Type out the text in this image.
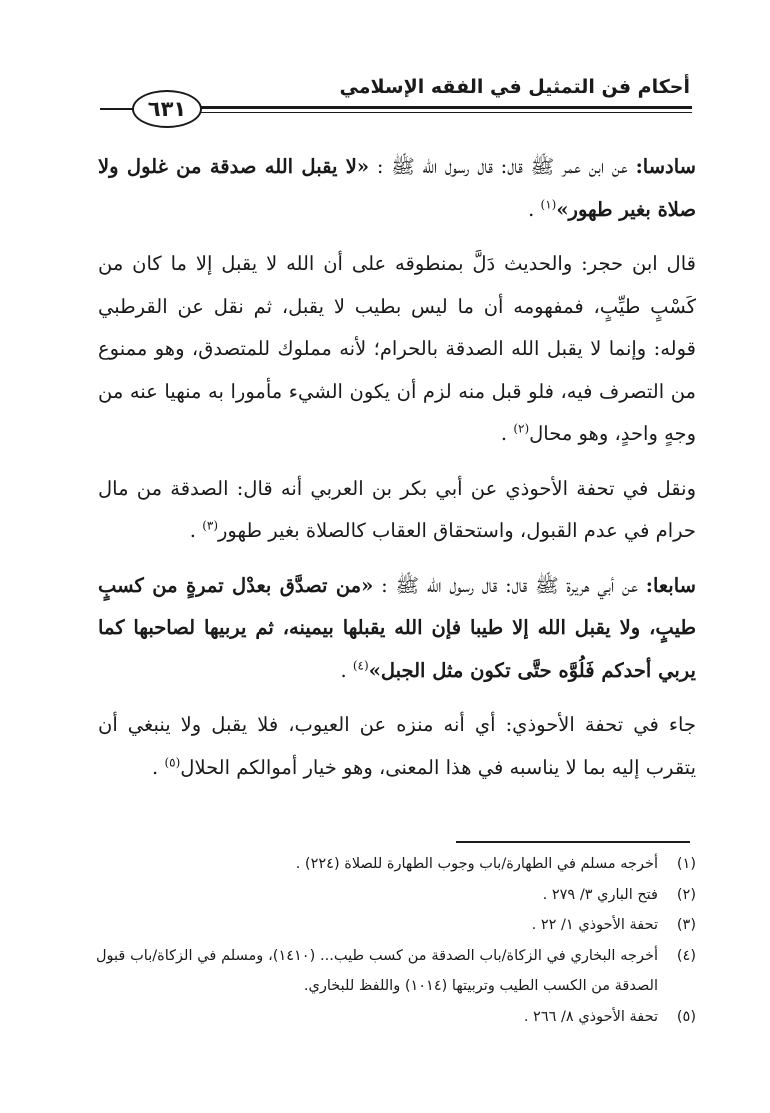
أحكام فن التمثيل في الفقه الإسلامي
٦٣١

سادسا: عن ابن عمر ﷺ قال: قال رسول الله ﷺ : «لا يقبل الله صدقة من غلول ولا صلاة بغير طهور»$^{(١)}$ .

قال ابن حجر: والحديث دَلَّ بمنطوقه على أن الله لا يقبل إلا ما كان من كَسْبٍ طيِّبٍ، فمفهومه أن ما ليس بطيب لا يقبل، ثم نقل عن القرطبي قوله: وإنما لا يقبل الله الصدقة بالحرام؛ لأنه مملوك للمتصدق، وهو ممنوع من التصرف فيه، فلو قبل منه لزم أن يكون الشيء مأمورا به منهيا عنه من وجهٍ واحدٍ، وهو محال$^{(٢)}$ .

ونقل في تحفة الأحوذي عن أبي بكر بن العربي أنه قال: الصدقة من مال حرام في عدم القبول، واستحقاق العقاب كالصلاة بغير طهور$^{(٣)}$ .

سابعا: عن أبي هريرة ﷺ قال: قال رسول الله ﷺ : «من تصدَّق بعدْل تمرةٍ من كسبٍ طيبٍ، ولا يقبل الله إلا طيبا فإن الله يقبلها بيمينه، ثم يربيها لصاحبها كما يربي أحدكم فَلُوَّه حتَّى تكون مثل الجبل»$^{(٤)}$ .

جاء في تحفة الأحوذي: أي أنه منزه عن العيوب، فلا يقبل ولا ينبغي أن يتقرب إليه بما لا يناسبه في هذا المعنى، وهو خيار أموالكم الحلال$^{(٥)}$ .

(١)
أخرجه مسلم في الطهارة/باب وجوب الطهارة للصلاة (٢٢٤) .
(٢)
فتح الباري ٣/ ٢٧٩ .
(٣)
تحفة الأحوذي ١/ ٢٢ .
(٤)
أخرجه البخاري في الزكاة/باب الصدقة من كسب طيب... (١٤١٠)، ومسلم في الزكاة/باب قبول الصدقة من الكسب الطيب وتربيتها (١٠١٤) واللفظ للبخاري.
(٥)
تحفة الأحوذي ٨/ ٢٦٦ .
